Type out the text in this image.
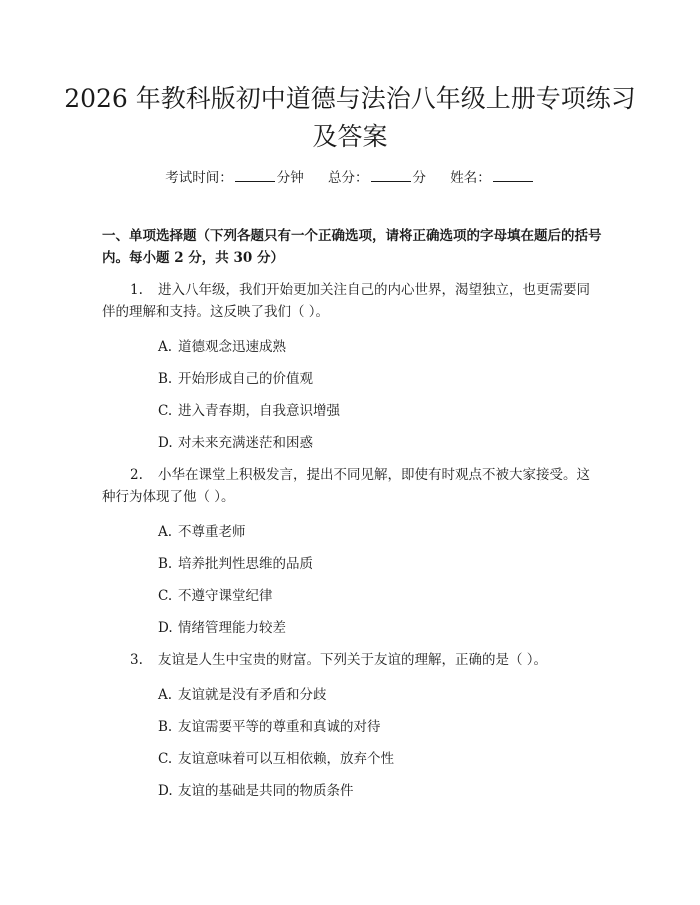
2026 年教科版初中道德与法治八年级上册专项练习及答案
考试时间：	分钟 总分：	分 姓名：

一、单项选择题（下列各题只有一个正确选项，请将正确选项的字母填在题后的括号内。每小题 2 分，共 30 分）

1. 进入八年级，我们开始更加关注自己的内心世界，渴望独立，也更需要同伴的理解和支持。这反映了我们（ ）。

A. 道德观念迅速成熟
B. 开始形成自己的价值观
C. 进入青春期，自我意识增强
D. 对未来充满迷茫和困惑

2. 小华在课堂上积极发言，提出不同见解，即使有时观点不被大家接受。这种行为体现了他（ ）。

A. 不尊重老师
B. 培养批判性思维的品质
C. 不遵守课堂纪律
D. 情绪管理能力较差

3. 友谊是人生中宝贵的财富。下列关于友谊的理解，正确的是（ ）。

A. 友谊就是没有矛盾和分歧
B. 友谊需要平等的尊重和真诚的对待
C. 友谊意味着可以互相依赖，放弃个性
D. 友谊的基础是共同的物质条件
